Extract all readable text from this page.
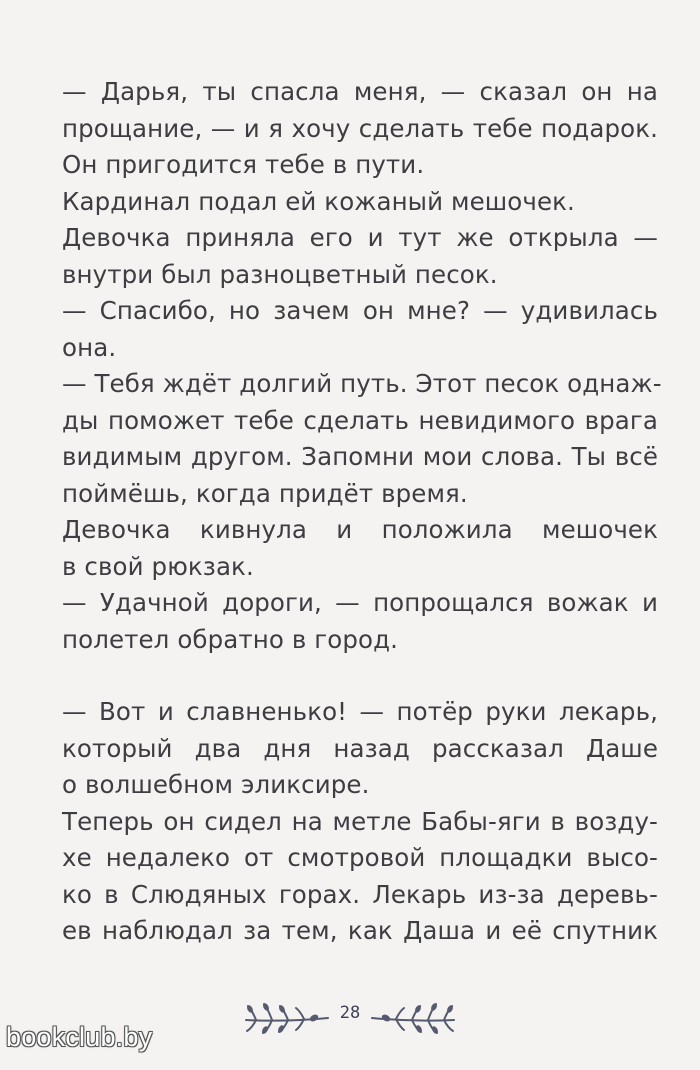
— Дарья, ты спасла меня, — сказал он на
прощание, — и я хочу сделать тебе подарок.
Он пригодится тебе в пути.
Кардинал подал ей кожаный мешочек.
Девочка приняла его и тут же открыла —
внутри был разноцветный песок.
— Спасибо, но зачем он мне? — удивилась
она.
— Тебя ждёт долгий путь. Этот песок однаж-
ды поможет тебе сделать невидимого врага
видимым другом. Запомни мои слова. Ты всё
поймёшь, когда придёт время.
Девочка кивнула и положила мешочек
в свой рюкзак.
— Удачной дороги, — попрощался вожак и
полетел обратно в город.
— Вот и славненько! — потёр руки лекарь,
который два дня назад рассказал Даше
о волшебном эликсире.
Теперь он сидел на метле Бабы-яги в возду-
хе недалеко от смотровой площадки высо-
ко в Слюдяных горах. Лекарь из-за деревь-
ев наблюдал за тем, как Даша и её спутник
28
bookclub.by
